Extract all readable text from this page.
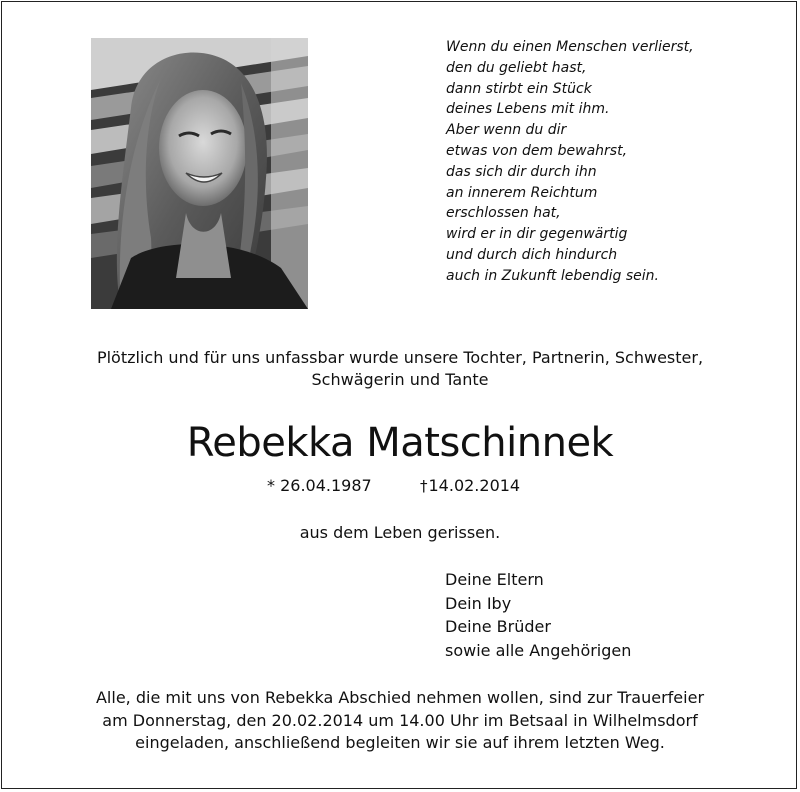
Wenn du einen Menschen verlierst,
den du geliebt hast,
dann stirbt ein Stück
deines Lebens mit ihm.
Aber wenn du dir
etwas von dem bewahrst,
das sich dir durch ihn
an innerem Reichtum
erschlossen hat,
wird er in dir gegenwärtig
und durch dich hindurch
auch in Zukunft lebendig sein.
Plötzlich und für uns unfassbar wurde unsere Tochter, Partnerin, Schwester,
Schwägerin und Tante
Rebekka Matschinnek
* 26.04.1987	†14.02.2014
aus dem Leben gerissen.
Deine Eltern
Dein Iby
Deine Brüder
sowie alle Angehörigen
Alle, die mit uns von Rebekka Abschied nehmen wollen, sind zur Trauerfeier
am Donnerstag, den 20.02.2014 um 14.00 Uhr im Betsaal in Wilhelmsdorf
eingeladen, anschließend begleiten wir sie auf ihrem letzten Weg.
